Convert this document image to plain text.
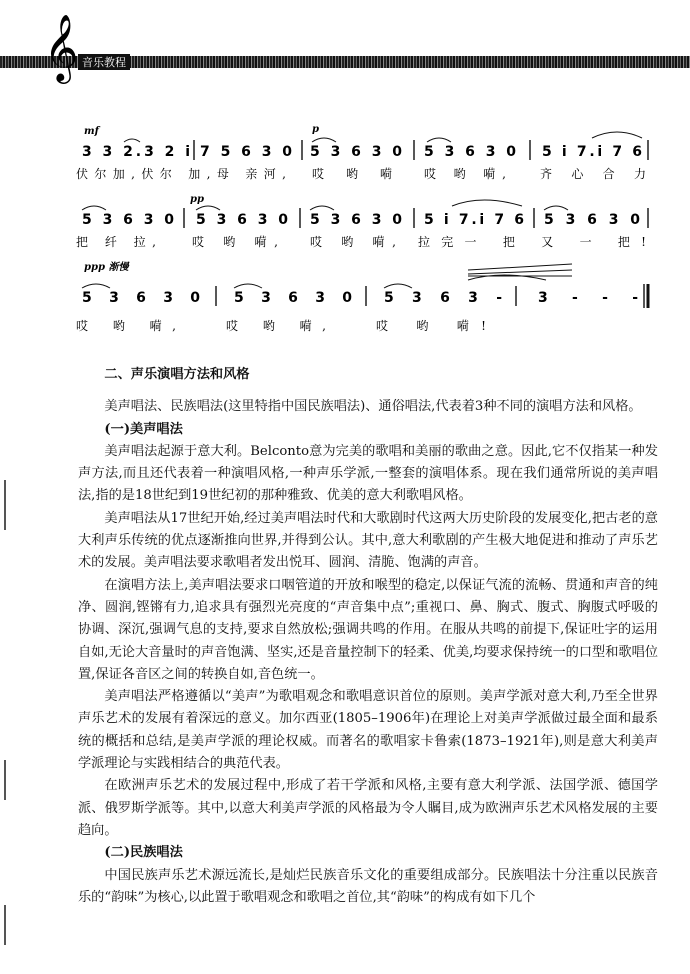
𝄞 音乐教程
mf	p
3 3 2.3 2 i 7 5 6 3 0 5 3 6 3 0 5 3 6 3 0 5 i 7.i 7 6
伏尔加,伏尔 加,母 亲河, 哎 哟 嗬	哎 哟 嗬,	齐 心 合 力
pp
5 3 6 3 0 5 3 6 3 0 5 3 6 3 0 5 i 7.i 7 6 5 3 6 3 0
把 纤 拉,	哎 哟 嗬,	哎 哟 嗬, 拉完一 把 又 一 把!
ppp 渐慢
5 3 6 3 0 5 3 6 3 0 5 3 6 3 -	3 - - -
哎 哟 嗬,	哎 哟 嗬,	哎 哟 嗬!

二、声乐演唱方法和风格

美声唱法、民族唱法(这里特指中国民族唱法)、通俗唱法,代表着3种不同的演唱方法和风格。

(一)美声唱法

美声唱法起源于意大利。Belconto意为完美的歌唱和美丽的歌曲之意。因此,它不仅指某一种发声方法,而且还代表着一种演唱风格,一种声乐学派,一整套的演唱体系。现在我们通常所说的美声唱法,指的是18世纪到19世纪初的那种雅致、优美的意大利歌唱风格。

美声唱法从17世纪开始,经过美声唱法时代和大歌剧时代这两大历史阶段的发展变化,把古老的意大利声乐传统的优点逐渐推向世界,并得到公认。其中,意大利歌剧的产生极大地促进和推动了声乐艺术的发展。美声唱法要求歌唱者发出悦耳、圆润、清脆、饱满的声音。

在演唱方法上,美声唱法要求口咽管道的开放和喉型的稳定,以保证气流的流畅、贯通和声音的纯净、圆润,铿锵有力,追求具有强烈光亮度的“声音集中点”;重视口、鼻、胸式、腹式、胸腹式呼吸的协调、深沉,强调气息的支持,要求自然放松;强调共鸣的作用。在服从共鸣的前提下,保证吐字的运用自如,无论大音量时的声音饱满、坚实,还是音量控制下的轻柔、优美,均要求保持统一的口型和歌唱位置,保证各音区之间的转换自如,音色统一。

美声唱法严格遵循以“美声”为歌唱观念和歌唱意识首位的原则。美声学派对意大利,乃至全世界声乐艺术的发展有着深远的意义。加尔西亚(1805–1906年)在理论上对美声学派做过最全面和最系统的概括和总结,是美声学派的理论权威。而著名的歌唱家卡鲁索(1873–1921年),则是意大利美声学派理论与实践相结合的典范代表。

在欧洲声乐艺术的发展过程中,形成了若干学派和风格,主要有意大利学派、法国学派、德国学派、俄罗斯学派等。其中,以意大利美声学派的风格最为令人瞩目,成为欧洲声乐艺术风格发展的主要趋向。

(二)民族唱法

中国民族声乐艺术源远流长,是灿烂民族音乐文化的重要组成部分。民族唱法十分注重以民族音乐的“韵味”为核心,以此置于歌唱观念和歌唱之首位,其“韵味”的构成有如下几个
